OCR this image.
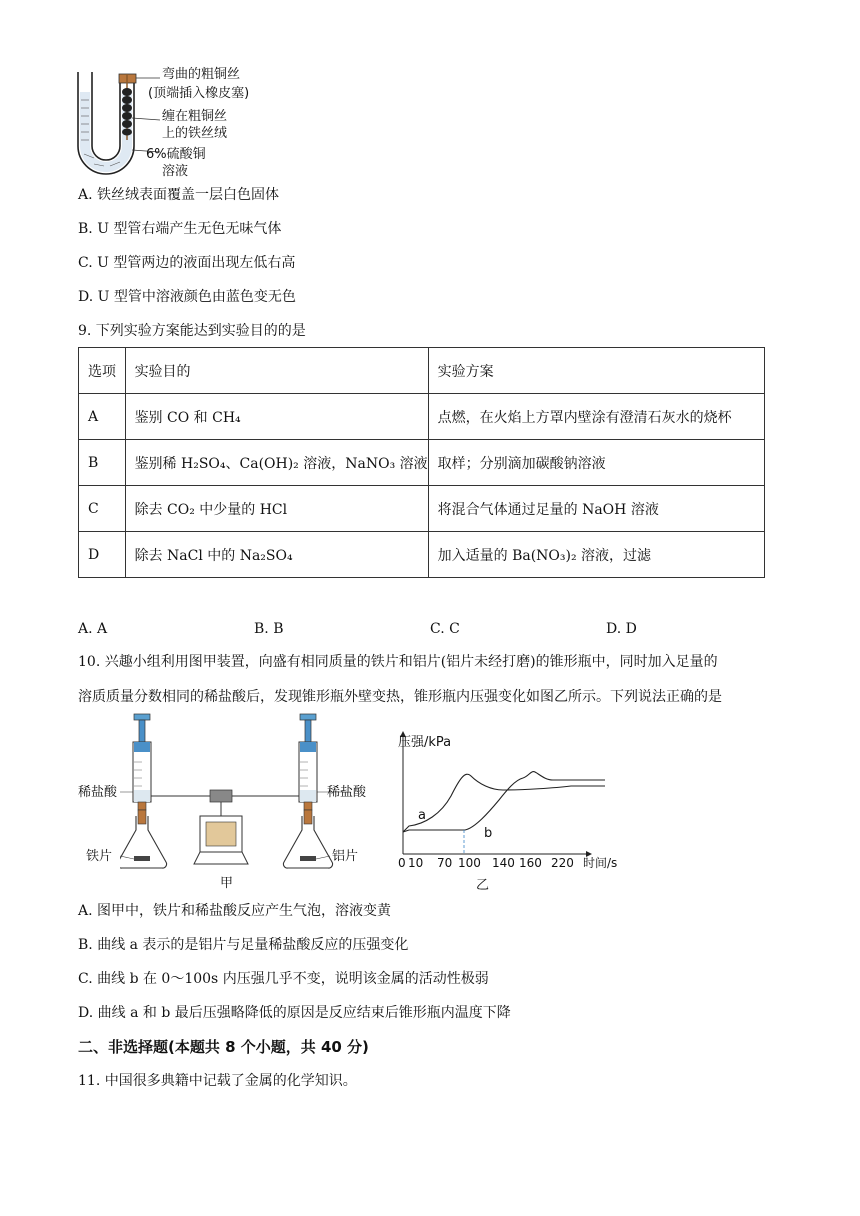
弯曲的粗铜丝
(顶端插入橡皮塞)
缠在粗铜丝
上的铁丝绒
6%硫酸铜
溶液
A. 铁丝绒表面覆盖一层白色固体
B. U 型管右端产生无色无味气体
C. U 型管两边的液面出现左低右高
D. U 型管中溶液颜色由蓝色变无色
9. 下列实验方案能达到实验目的的是
选项	实验目的	实验方案
A	鉴别 CO 和 CH₄	点燃，在火焰上方罩内壁涂有澄清石灰水的烧杯
B	鉴别稀 H₂SO₄、Ca(OH)₂ 溶液，NaNO₃ 溶液	取样；分别滴加碳酸钠溶液
C	除去 CO₂ 中少量的 HCl	将混合气体通过足量的 NaOH 溶液
D	除去 NaCl 中的 Na₂SO₄	加入适量的 Ba(NO₃)₂ 溶液，过滤
A. A	B. B	C. C	D. D
10. 兴趣小组利用图甲装置，向盛有相同质量的铁片和铝片(铝片未经打磨)的锥形瓶中，同时加入足量的
溶质质量分数相同的稀盐酸后，发现锥形瓶外壁变热，锥形瓶内压强变化如图乙所示。下列说法正确的是
稀盐酸	稀盐酸
铁片	铝片
甲
压强/kPa
a
b
0 10 70 100 140 160 220 时间/s
乙
A. 图甲中，铁片和稀盐酸反应产生气泡，溶液变黄
B. 曲线 a 表示的是铝片与足量稀盐酸反应的压强变化
C. 曲线 b 在 0～100s 内压强几乎不变，说明该金属的活动性极弱
D. 曲线 a 和 b 最后压强略降低的原因是反应结束后锥形瓶内温度下降
二、非选择题(本题共 8 个小题，共 40 分)
11. 中国很多典籍中记载了金属的化学知识。
